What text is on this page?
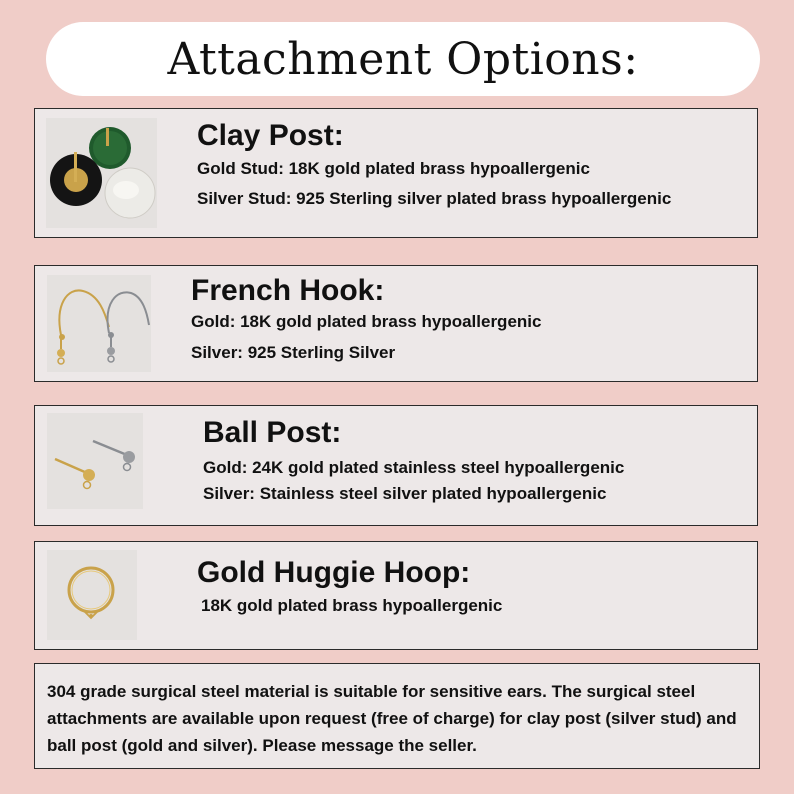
Attachment Options:
Clay Post:
Gold Stud: 18K gold plated brass hypoallergenic
Silver Stud: 925 Sterling silver plated brass hypoallergenic
French Hook:
Gold: 18K gold plated brass hypoallergenic
Silver: 925 Sterling Silver
Ball Post:
Gold: 24K gold plated stainless steel hypoallergenic
Silver: Stainless steel silver plated hypoallergenic
Gold Huggie Hoop:
18K gold plated brass hypoallergenic

304 grade surgical steel material is suitable for sensitive ears. The surgical steel attachments are available upon request (free of charge) for clay post (silver stud) and ball post (gold and silver). Please message the seller.
